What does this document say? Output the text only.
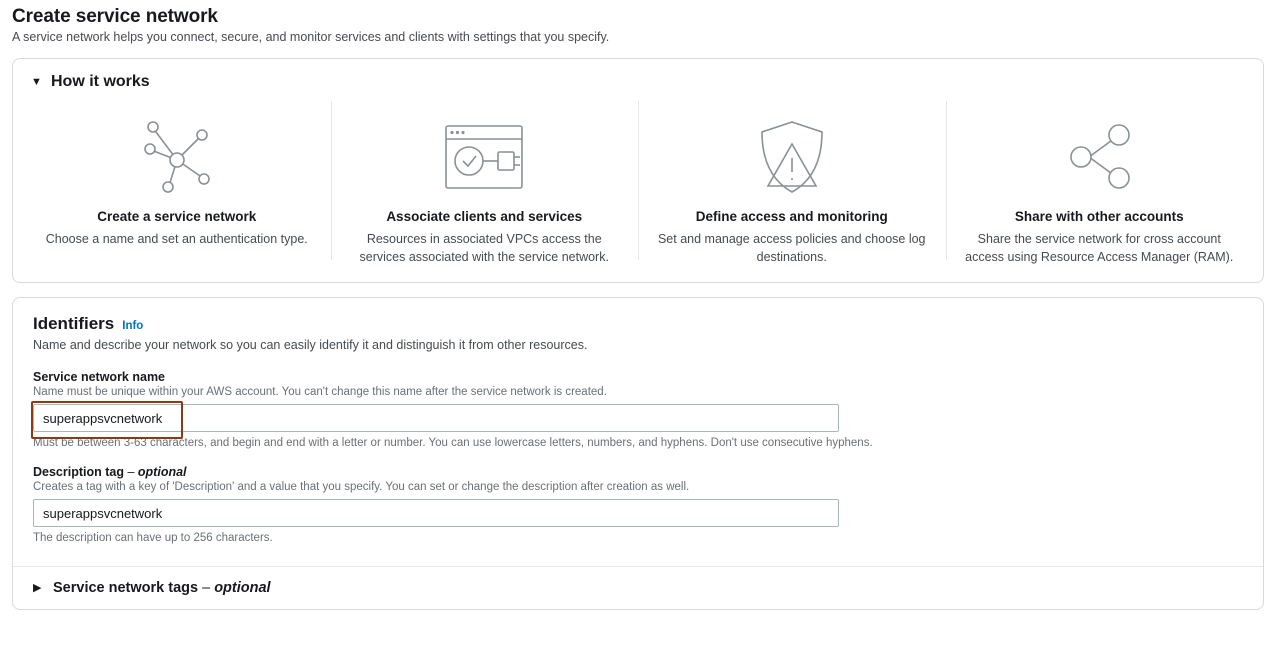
Create service network
A service network helps you connect, secure, and monitor services and clients with settings that you specify.
▼ How it works
Create a service network
Choose a name and set an authentication type.
Associate clients and services
Resources in associated VPCs access the services associated with the service network.
Define access and monitoring
Set and manage access policies and choose log destinations.
Share with other accounts
Share the service network for cross account access using Resource Access Manager (RAM).
Identifiers Info
Name and describe your network so you can easily identify it and distinguish it from other resources.
Service network name
Name must be unique within your AWS account. You can't change this name after the service network is created.
superappsvcnetwork
Must be between 3-63 characters, and begin and end with a letter or number. You can use lowercase letters, numbers, and hyphens. Don't use consecutive hyphens.
Description tag – optional
Creates a tag with a key of 'Description' and a value that you specify. You can set or change the description after creation as well.
superappsvcnetwork
The description can have up to 256 characters.
▶ Service network tags – optional
